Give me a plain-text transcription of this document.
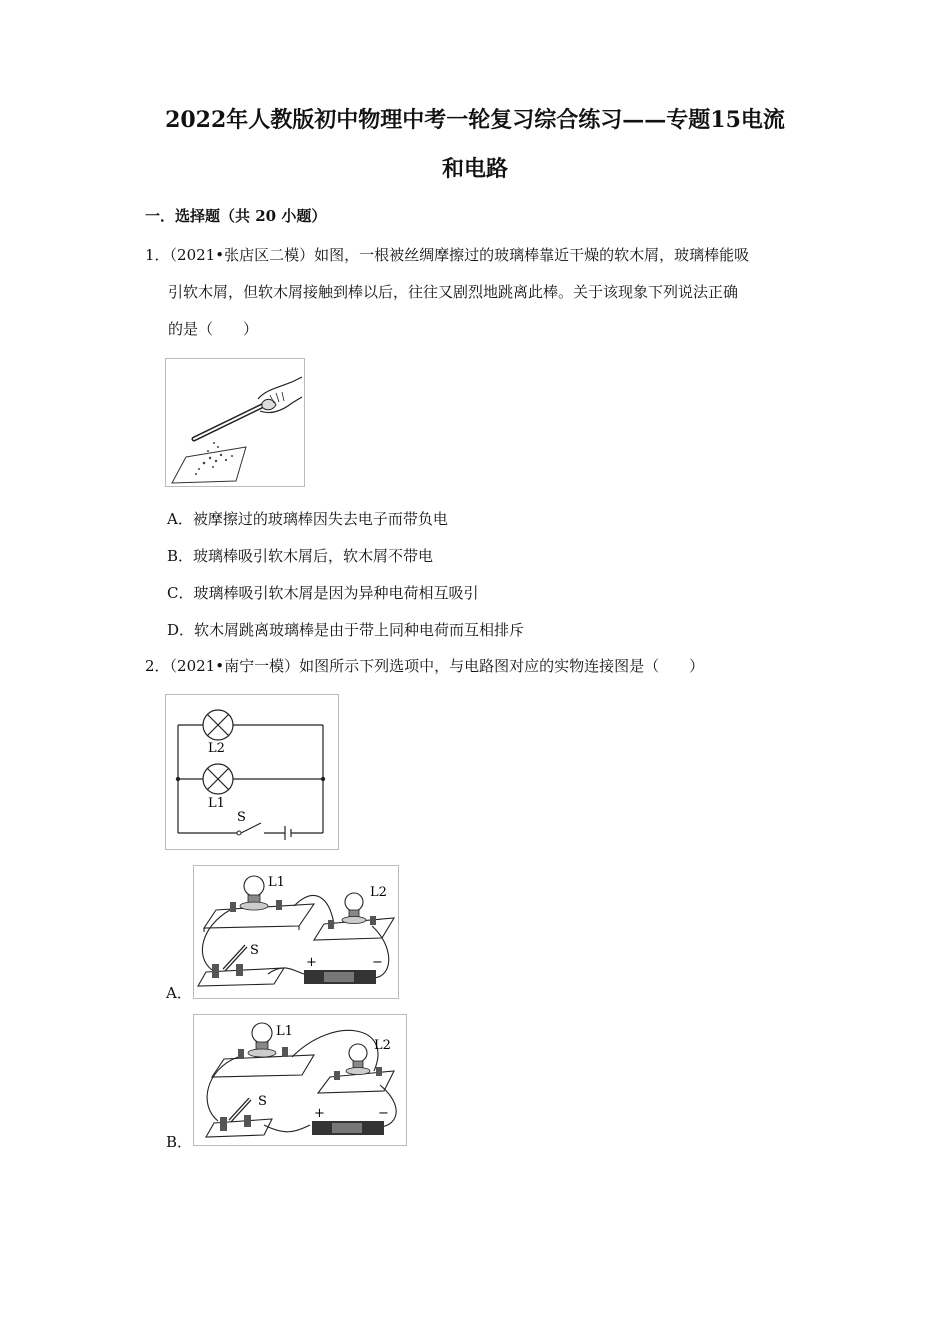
2022年人教版初中物理中考一轮复习综合练习——专题15电流
和电路
一．选择题（共 20 小题）
1．（2021•张店区二模）如图，一根被丝绸摩擦过的玻璃棒靠近干燥的软木屑，玻璃棒能吸
引软木屑，但软木屑接触到棒以后，往往又剧烈地跳离此棒。关于该现象下列说法正确
的是（　　）
A．被摩擦过的玻璃棒因失去电子而带负电
B．玻璃棒吸引软木屑后，软木屑不带电
C．玻璃棒吸引软木屑是因为异种电荷相互吸引
D．软木屑跳离玻璃棒是由于带上同种电荷而互相排斥
2．（2021•南宁一模）如图所示下列选项中，与电路图对应的实物连接图是（　　）
L2
L1
S
A．
S
L1
L2
+	−
B．
S
L1
L2
+	−
